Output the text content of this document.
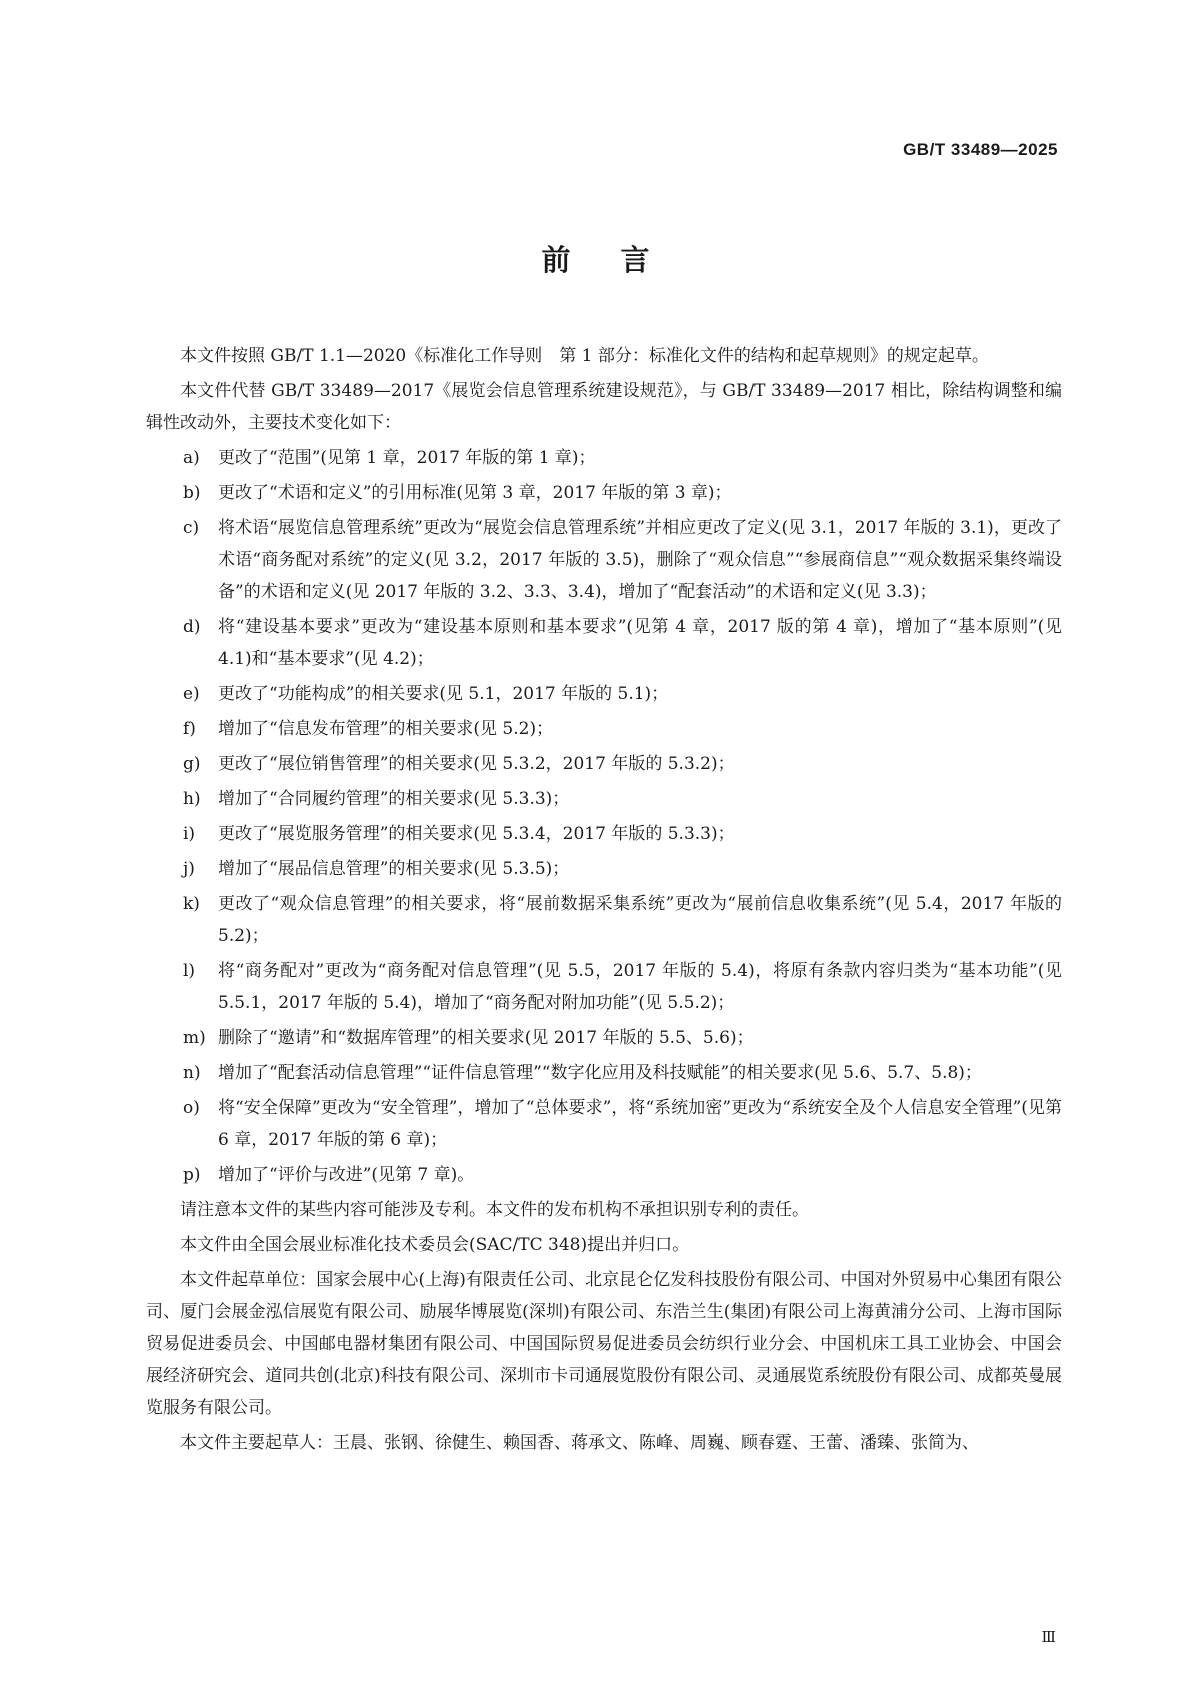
GB/T 33489—2025
前言

本文件按照 GB/T 1.1—2020《标准化工作导则　第 1 部分：标准化文件的结构和起草规则》的规定起草。

本文件代替 GB/T 33489—2017《展览会信息管理系统建设规范》，与 GB/T 33489—2017 相比，除结构调整和编辑性改动外，主要技术变化如下：

a)	更改了“范围”(见第 1 章，2017 年版的第 1 章)；
b)	更改了“术语和定义”的引用标准(见第 3 章，2017 年版的第 3 章)；
c)	将术语“展览信息管理系统”更改为“展览会信息管理系统”并相应更改了定义(见 3.1，2017 年版的 3.1)，更改了术语“商务配对系统”的定义(见 3.2，2017 年版的 3.5)，删除了“观众信息”“参展商信息”“观众数据采集终端设备”的术语和定义(见 2017 年版的 3.2、3.3、3.4)，增加了“配套活动”的术语和定义(见 3.3)；
d)	将“建设基本要求”更改为“建设基本原则和基本要求”(见第 4 章，2017 版的第 4 章)，增加了“基本原则”(见 4.1)和“基本要求”(见 4.2)；
e)	更改了“功能构成”的相关要求(见 5.1，2017 年版的 5.1)；
f)	增加了“信息发布管理”的相关要求(见 5.2)；
g)	更改了“展位销售管理”的相关要求(见 5.3.2，2017 年版的 5.3.2)；
h)	增加了“合同履约管理”的相关要求(见 5.3.3)；
i)	更改了“展览服务管理”的相关要求(见 5.3.4，2017 年版的 5.3.3)；
j)	增加了“展品信息管理”的相关要求(见 5.3.5)；
k)	更改了“观众信息管理”的相关要求，将“展前数据采集系统”更改为“展前信息收集系统”(见 5.4，2017 年版的 5.2)；
l)	将“商务配对”更改为“商务配对信息管理”(见 5.5，2017 年版的 5.4)，将原有条款内容归类为“基本功能”(见 5.5.1，2017 年版的 5.4)，增加了“商务配对附加功能”(见 5.5.2)；
m) 删除了“邀请”和“数据库管理”的相关要求(见 2017 年版的 5.5、5.6)；
n)	增加了“配套活动信息管理”“证件信息管理”“数字化应用及科技赋能”的相关要求(见 5.6、5.7、5.8)；
o)	将“安全保障”更改为“安全管理”，增加了“总体要求”，将“系统加密”更改为“系统安全及个人信息安全管理”(见第 6 章，2017 年版的第 6 章)；
p)	增加了“评价与改进”(见第 7 章)。

请注意本文件的某些内容可能涉及专利。本文件的发布机构不承担识别专利的责任。

本文件由全国会展业标准化技术委员会(SAC/TC 348)提出并归口。

本文件起草单位：国家会展中心(上海)有限责任公司、北京昆仑亿发科技股份有限公司、中国对外贸易中心集团有限公司、厦门会展金泓信展览有限公司、励展华博展览(深圳)有限公司、东浩兰生(集团)有限公司上海黄浦分公司、上海市国际贸易促进委员会、中国邮电器材集团有限公司、中国国际贸易促进委员会纺织行业分会、中国机床工具工业协会、中国会展经济研究会、道同共创(北京)科技有限公司、深圳市卡司通展览股份有限公司、灵通展览系统股份有限公司、成都英曼展览服务有限公司。

本文件主要起草人：王晨、张钢、徐健生、赖国香、蒋承文、陈峰、周巍、顾春霆、王蕾、潘臻、张简为、

Ⅲ
